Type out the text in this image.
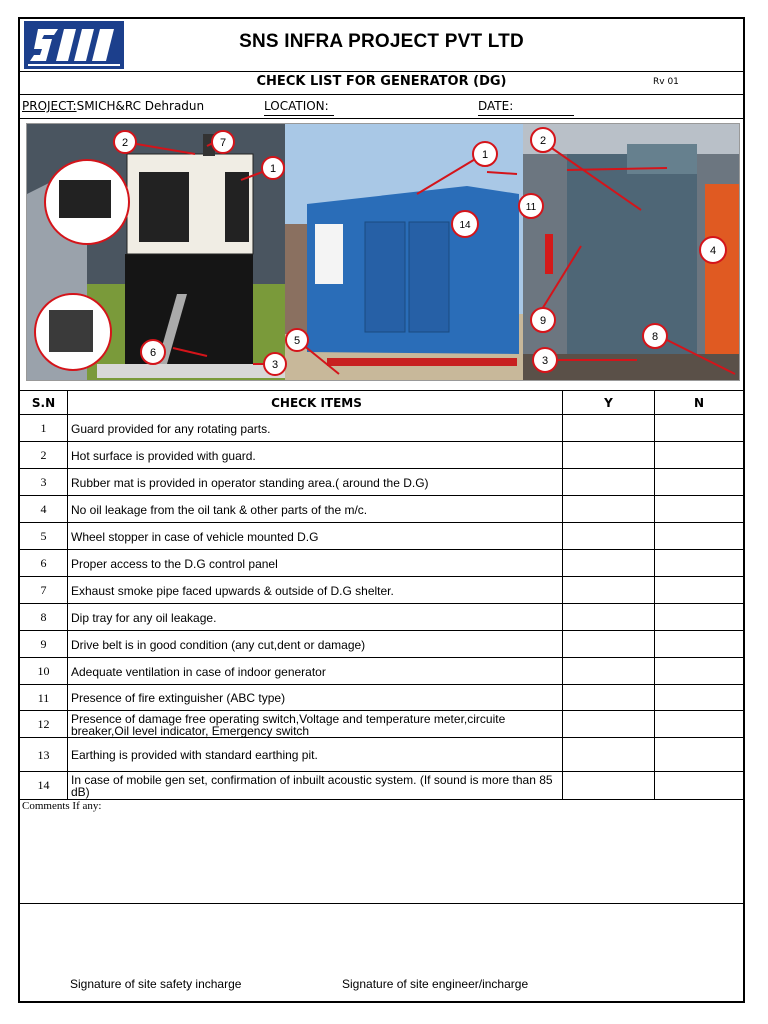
SNS INFRA PROJECT PVT LTD
CHECK LIST FOR GENERATOR (DG)	Rv 01
PROJECT:SMICH&RC Dehradun	LOCATION:	DATE:
2	7
1
6
3
5
1
14
2
11
9
4
8
3
S.N	CHECK ITEMS	Y	N
1	Guard provided for any rotating parts.
2	Hot surface is provided with guard.
3	Rubber mat is provided in operator standing area.( around the D.G)
4	No oil leakage from the oil tank & other parts of the m/c.
5	Wheel stopper in case of vehicle mounted D.G
6	Proper access to the D.G control panel
7	Exhaust smoke pipe faced upwards & outside of D.G shelter.
8	Dip tray for any oil leakage.
9	Drive belt is in good condition (any cut,dent or damage)
10	Adequate ventilation in case of indoor generator
11	Presence of fire extinguisher (ABC type)
12	Presence of damage free operating switch,Voltage and temperature meter,circuite breaker,Oil level indicator, Emergency switch
13	Earthing is provided with standard earthing pit.
14	In case of mobile gen set, confirmation of inbuilt acoustic system. (If sound is more than 85 dB)
Comments If any:
Signature of site safety incharge	Signature of site engineer/incharge
